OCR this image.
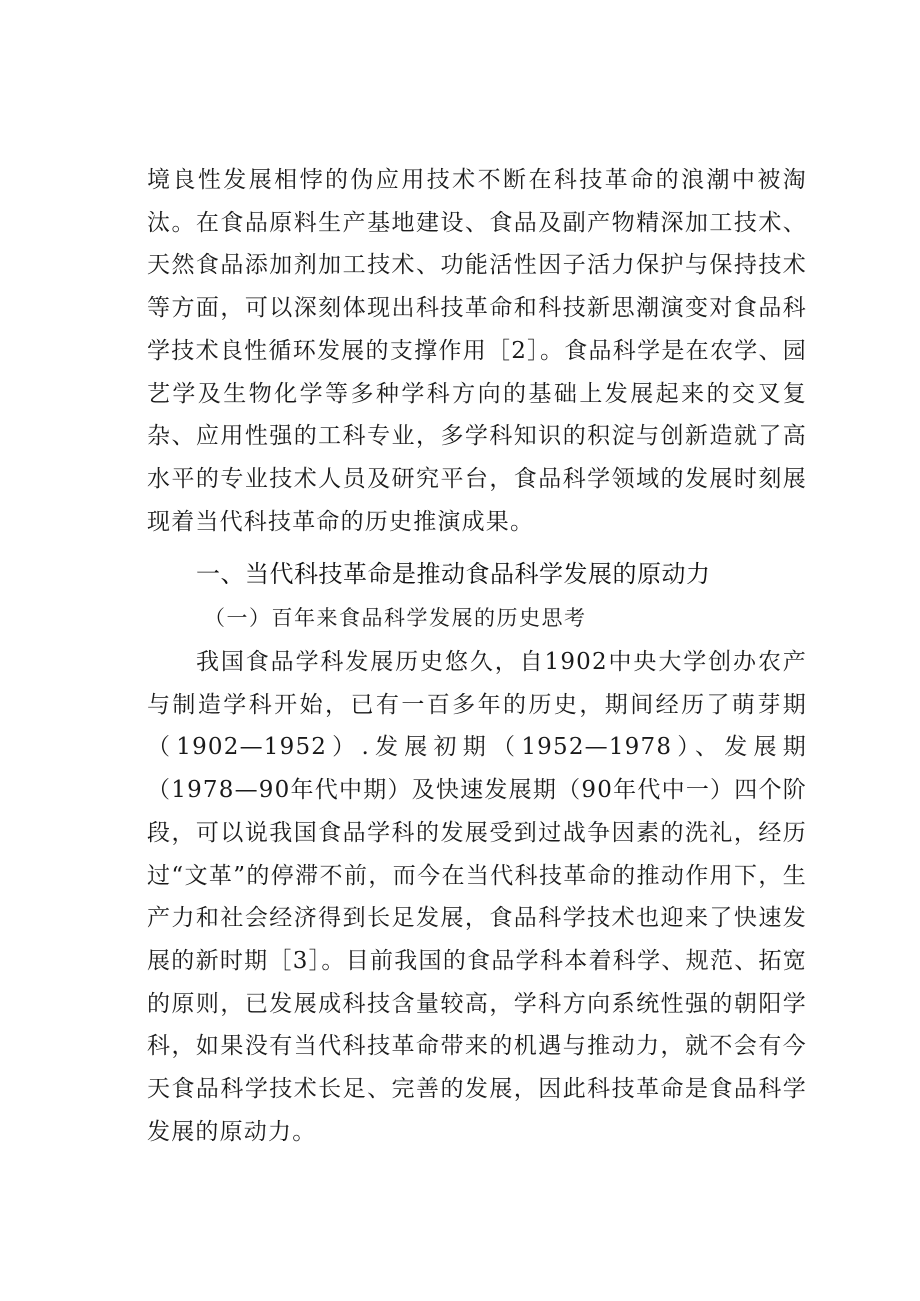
境良性发展相悖的伪应用技术不断在科技革命的浪潮中被淘汰。在食品原料生产基地建设、食品及副产物精深加工技术、天然食品添加剂加工技术、功能活性因子活力保护与保持技术等方面，可以深刻体现出科技革命和科技新思潮演变对食品科学技术良性循环发展的支撑作用［2］。食品科学是在农学、园艺学及生物化学等多种学科方向的基础上发展起来的交叉复杂、应用性强的工科专业，多学科知识的积淀与创新造就了高水平的专业技术人员及研究平台，食品科学领域的发展时刻展现着当代科技革命的历史推演成果。

一、当代科技革命是推动食品科学发展的原动力
（一）百年来食品科学发展的历史思考

我国食品学科发展历史悠久，自1902中央大学创办农产与制造学科开始，已有一百多年的历史，期间经历了萌芽期（1902—1952）.发展初期（1952—1978）、发展期（1978—90年代中期）及快速发展期（90年代中一）四个阶段，可以说我国食品学科的发展受到过战争因素的洗礼，经历过“文革”的停滞不前，而今在当代科技革命的推动作用下，生产力和社会经济得到长足发展，食品科学技术也迎来了快速发展的新时期［3］。目前我国的食品学科本着科学、规范、拓宽的原则，已发展成科技含量较高，学科方向系统性强的朝阳学科，如果没有当代科技革命带来的机遇与推动力，就不会有今天食品科学技术长足、完善的发展，因此科技革命是食品科学发展的原动力。
